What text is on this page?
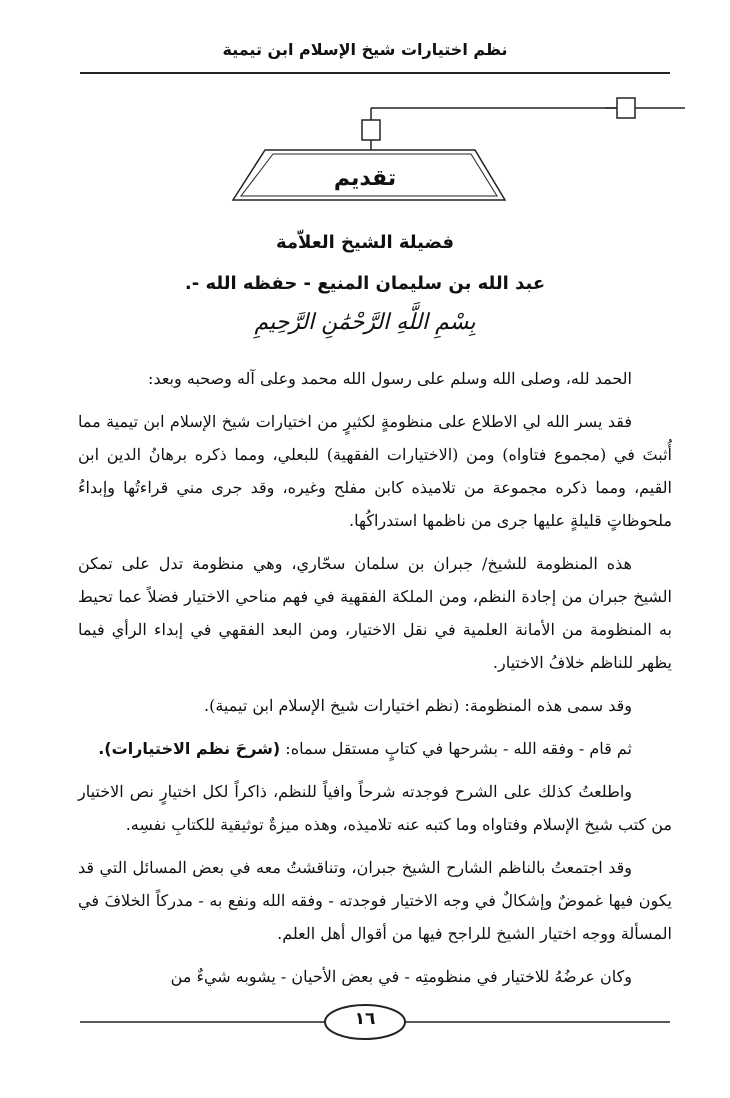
نظم اختيارات شيخ الإسلام ابن تيمية
تقديم
فضيلة الشيخ العلاّمة
عبد الله بن سليمان المنيع - حفظه الله -.
بِسْمِ اللَّهِ الرَّحْمَٰنِ الرَّحِيمِ

الحمد لله، وصلى الله وسلم على رسول الله محمد وعلى آله وصحبه وبعد:

فقد يسر الله لي الاطلاع على منظومةٍ لكثيرٍ من اختيارات شيخ الإسلام ابن تيمية مما أُثبتَ في (مجموع فتاواه) ومن (الاختيارات الفقهية) للبعلي، ومما ذكره برهانُ الدين ابن القيم، ومما ذكره مجموعة من تلاميذه كابن مفلح وغيره، وقد جرى مني قراءتُها وإبداءُ ملحوظاتٍ قليلةٍ عليها جرى من ناظمها استدراكُها.

هذه المنظومة للشيخ/ جبران بن سلمان سحّاري، وهي منظومة تدل على تمكن الشيخ جبران من إجادة النظم، ومن الملكة الفقهية في فهم مناحي الاختيار فضلاً عما تحيط به المنظومة من الأمانة العلمية في نقل الاختيار، ومن البعد الفقهي في إبداء الرأي فيما يظهر للناظم خلافُ الاختيار.

وقد سمى هذه المنظومة: (نظم اختيارات شيخ الإسلام ابن تيمية).

ثم قام - وفقه الله - بشرحها في كتابٍ مستقل سماه: (شرحَ نظم الاختيارات).

واطلعتُ كذلك على الشرح فوجدته شرحاً وافياً للنظم، ذاكراً لكل اختيارٍ نص الاختيار من كتب شيخ الإسلام وفتاواه وما كتبه عنه تلاميذه، وهذه ميزةٌ توثيقية للكتابِ نفسِه.

وقد اجتمعتُ بالناظم الشارح الشيخ جبران، وتناقشتُ معه في بعض المسائل التي قد يكون فيها غموضٌ وإشكالٌ في وجه الاختيار فوجدته - وفقه الله ونفع به - مدركاً الخلافَ في المسألة ووجه اختيار الشيخ للراجح فيها من أقوال أهل العلم.

وكان عرضُهُ للاختيار في منظومتِه - في بعض الأحيان - يشوبه شيءٌ من

١٦
